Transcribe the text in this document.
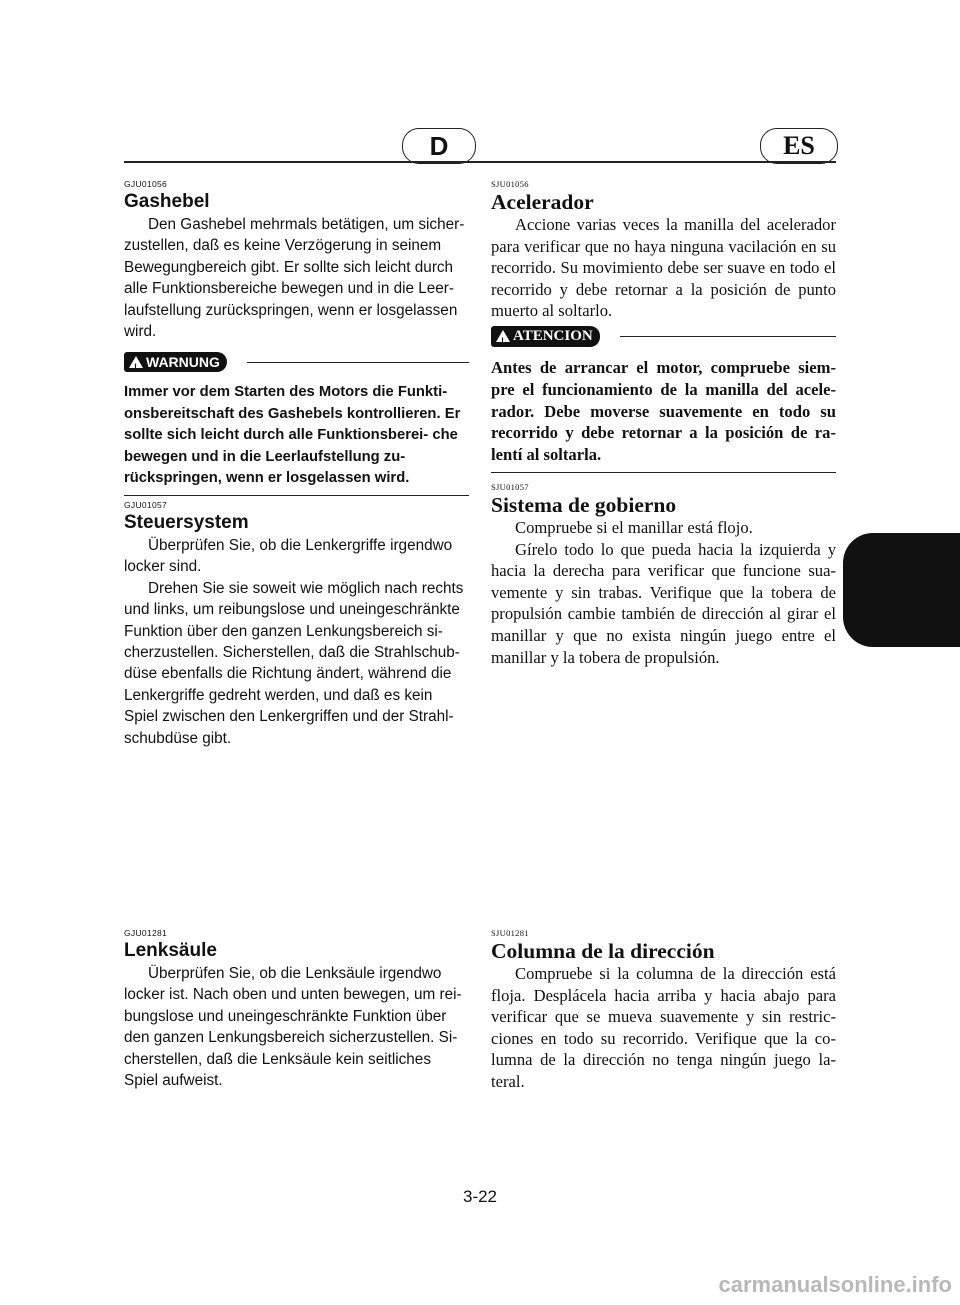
D	ES

GJU01056

Gashebel

Den Gashebel mehrmals betätigen, um sicher- zustellen, daß es keine Verzögerung in seinem Bewegungbereich gibt. Er sollte sich leicht durch alle Funktionsbereiche bewegen und in die Leer- laufstellung zurückspringen, wenn er losgelassen wird.

!
WARNUNG

Immer vor dem Starten des Motors die Funkti- onsbereitschaft des Gashebels kontrollieren. Er sollte sich leicht durch alle Funktionsberei- che bewegen und in die Leerlaufstellung zu- rückspringen, wenn er losgelassen wird.

GJU01057

Steuersystem

Überprüfen Sie, ob die Lenkergriffe irgendwo locker sind.

Drehen Sie sie soweit wie möglich nach rechts und links, um reibungslose und uneingeschränkte Funktion über den ganzen Lenkungsbereich si- cherzustellen. Sicherstellen, daß die Strahlschub- düse ebenfalls die Richtung ändert, während die Lenkergriffe gedreht werden, und daß es kein Spiel zwischen den Lenkergriffen und der Strahl- schubdüse gibt.

GJU01281

Lenksäule

Überprüfen Sie, ob die Lenksäule irgendwo locker ist. Nach oben und unten bewegen, um rei- bungslose und uneingeschränkte Funktion über den ganzen Lenkungsbereich sicherzustellen. Si- cherstellen, daß die Lenksäule kein seitliches Spiel aufweist.

SJU01056

Acelerador

Accione varias veces la manilla del acelerador para verificar que no haya ninguna vacilación en su recorrido. Su movimiento debe ser suave en todo el recorrido y debe retornar a la posición de punto muerto al soltarlo.

!
ATENCION

Antes de arrancar el motor, compruebe siem- pre el funcionamiento de la manilla del acele- rador. Debe moverse suavemente en todo su recorrido y debe retornar a la posición de ra- lentí al soltarla.

SJU01057

Sistema de gobierno

Compruebe si el manillar está flojo.

Gírelo todo lo que pueda hacia la izquierda y hacia la derecha para verificar que funcione sua- vemente y sin trabas. Verifique que la tobera de propulsión cambie también de dirección al girar el manillar y que no exista ningún juego entre el manillar y la tobera de propulsión.

SJU01281

Columna de la dirección

Compruebe si la columna de la dirección está floja. Desplácela hacia arriba y hacia abajo para verificar que se mueva suavemente y sin restric- ciones en todo su recorrido. Verifique que la co- lumna de la dirección no tenga ningún juego la- teral.

3-22
carmanualsonline.info
